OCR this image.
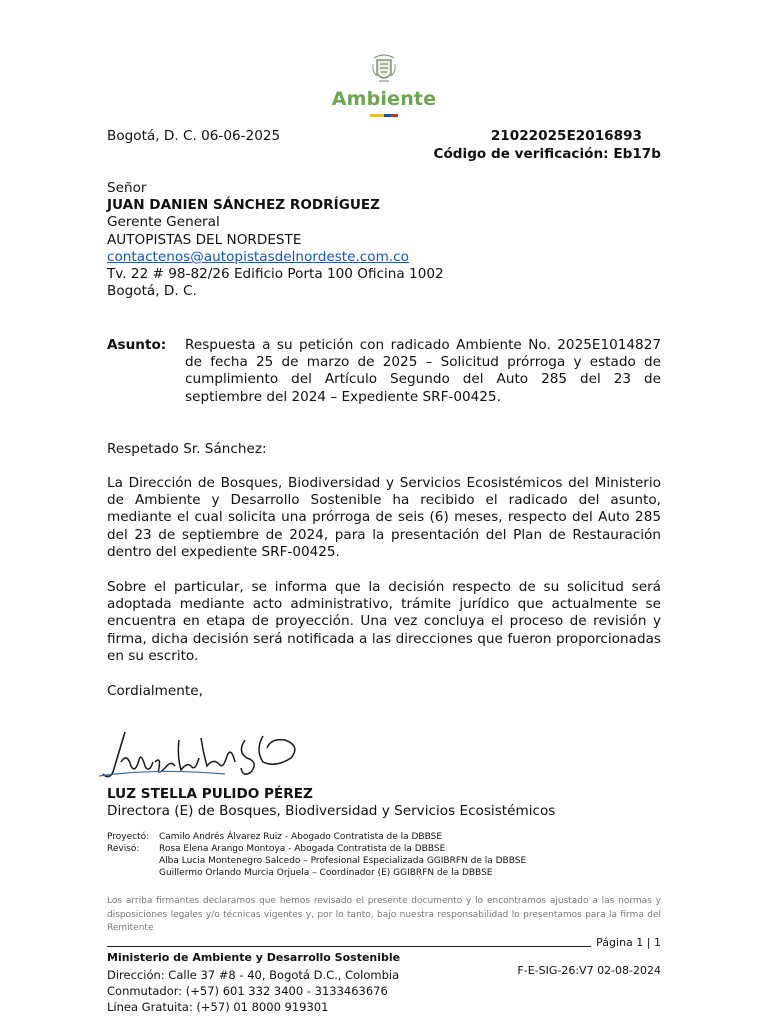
Ambiente
Bogotá, D. C. 06-06-2025	21022025E2016893
Código de verificación: Eb17b
Señor
JUAN DANIEN SÁNCHEZ RODRÍGUEZ
Gerente General
AUTOPISTAS DEL NORDESTE
contactenos@autopistasdelnordeste.com.co
Tv. 22 # 98-82/26 Edificio Porta 100 Oficina 1002
Bogotá, D. C.
Asunto: Respuesta a su petición con radicado Ambiente No. 2025E1014827 de fecha 25 de marzo de 2025 – Solicitud prórroga y estado de cumplimiento del Artículo Segundo del Auto 285 del 23 de septiembre del 2024 – Expediente SRF-00425.
Respetado Sr. Sánchez:
La Dirección de Bosques, Biodiversidad y Servicios Ecosistémicos del Ministerio de Ambiente y Desarrollo Sostenible ha recibido el radicado del asunto, mediante el cual solicita una prórroga de seis (6) meses, respecto del Auto 285 del 23 de septiembre de 2024, para la presentación del Plan de Restauración dentro del expediente SRF-00425.
Sobre el particular, se informa que la decisión respecto de su solicitud será adoptada mediante acto administrativo, trámite jurídico que actualmente se encuentra en etapa de proyección. Una vez concluya el proceso de revisión y firma, dicha decisión será notificada a las direcciones que fueron proporcionadas en su escrito.
Cordialmente,
LUZ STELLA PULIDO PÉREZ
Directora (E) de Bosques, Biodiversidad y Servicios Ecosistémicos
Proyectó:	Camilo Andrés Álvarez Ruiz - Abogado Contratista de la DBBSE
Revisó:	Rosa Elena Arango Montoya - Abogada Contratista de la DBBSE
Alba Lucia Montenegro Salcedo – Profesional Especializada GGIBRFN de la DBBSE
Guillermo Orlando Murcia Orjuela – Coordinador (E) GGIBRFN de la DBBSE
Los arriba firmantes declaramos que hemos revisado el presente documento y lo encontramos ajustado a las normas y disposiciones legales y/o técnicas vigentes y, por lo tanto, bajo nuestra responsabilidad lo presentamos para la firma del Remitente
Página 1 | 1
Ministerio de Ambiente y Desarrollo Sostenible
Dirección: Calle 37 #8 - 40, Bogotá D.C., Colombia
Conmutador: (+57) 601 332 3400 - 3133463676
Línea Gratuita: (+57) 01 8000 919301
F-E-SIG-26:V7 02-08-2024
